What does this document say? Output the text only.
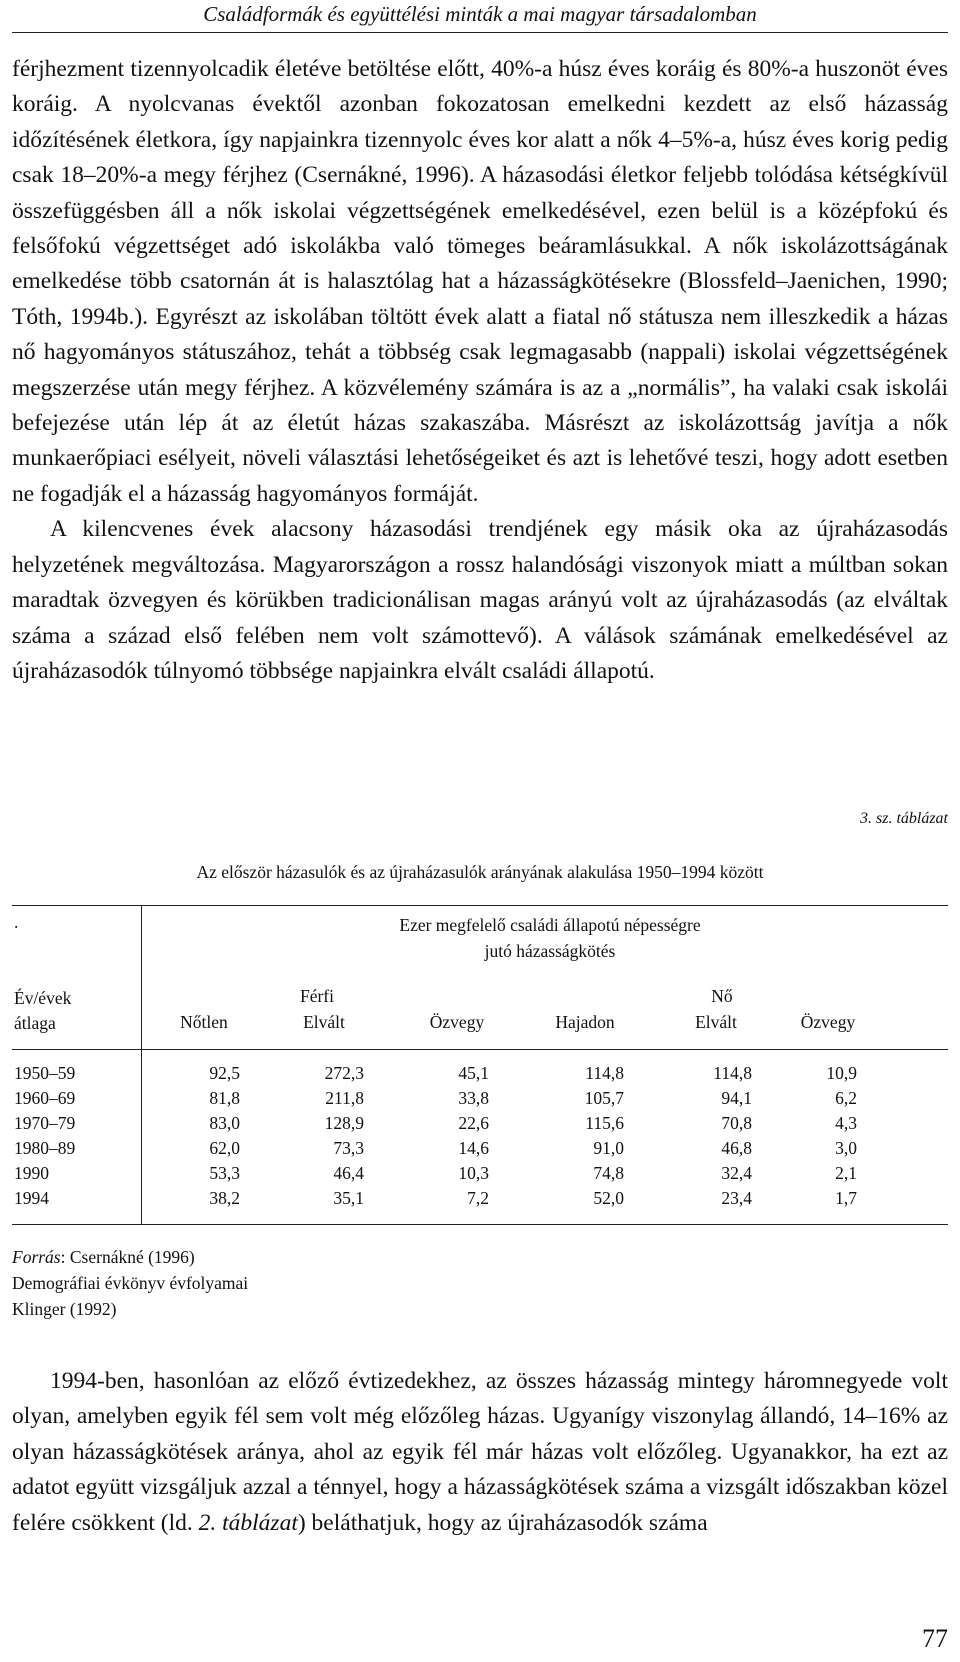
Családformák és együttélési minták a mai magyar társadalomban

férjhezment tizennyolcadik életéve betöltése előtt, 40%-a húsz éves koráig és 80%-a huszonöt éves koráig. A nyolcvanas évektől azonban fokozatosan emelkedni kezdett az első házasság időzítésének életkora, így napjainkra tizennyolc éves kor alatt a nők 4–5%-a, húsz éves korig pedig csak 18–20%-a megy férjhez (Csernákné, 1996). A házasodási életkor feljebb tolódása kétségkívül összefüggésben áll a nők iskolai végzettségének emelkedésével, ezen belül is a középfokú és felsőfokú végzettséget adó iskolákba való tömeges beáramlásukkal. A nők iskolázottságának emelkedése több csatornán át is halasztólag hat a házasságkötésekre (Blossfeld–Jaenichen, 1990; Tóth, 1994b.). Egyrészt az iskolában töltött évek alatt a fiatal nő státusza nem illeszkedik a házas nő hagyományos státuszához, tehát a többség csak legmagasabb (nappali) iskolai végzettségének megszerzése után megy férjhez. A közvélemény számára is az a „normális”, ha valaki csak iskolái befejezése után lép át az életút házas szakaszába. Másrészt az iskolázottság javítja a nők munkaerőpiaci esélyeit, növeli választási lehetőségeiket és azt is lehetővé teszi, hogy adott esetben ne fogadják el a házasság hagyományos formáját.

A kilencvenes évek alacsony házasodási trendjének egy másik oka az újraházasodás helyzetének megváltozása. Magyarországon a rossz halandósági viszonyok miatt a múltban sokan maradtak özvegyen és körükben tradicionálisan magas arányú volt az újraházasodás (az elváltak száma a század első felében nem volt számottevő). A válások számának emelkedésével az újraházasodók túlnyomó többsége napjainkra elvált családi állapotú.

3. sz. táblázat
Az először házasulók és az újraházasulók arányának alakulása 1950–1994 között
.	Ezer megfelelő családi állapotú népességre
jutó házasságkötés
Év/évek
átlaga
Férfi	Nő
Nőtlen	Elvált	Özvegy	Hajadon	Elvált	Özvegy
1950–59	92,5	272,3	45,1	114,8	114,8	10,9
1960–69	81,8	211,8	33,8	105,7	94,1	6,2
1970–79	83,0	128,9	22,6	115,6	70,8	4,3
1980–89	62,0	73,3	14,6	91,0	46,8	3,0
1990	53,3	46,4	10,3	74,8	32,4	2,1
1994	38,2	35,1	7,2	52,0	23,4	1,7
Forrás: Csernákné (1996)
Demográfiai évkönyv évfolyamai
Klinger (1992)

1994-ben, hasonlóan az előző évtizedekhez, az összes házasság mintegy háromnegyede volt olyan, amelyben egyik fél sem volt még előzőleg házas. Ugyanígy viszonylag állandó, 14–16% az olyan házasságkötések aránya, ahol az egyik fél már házas volt előzőleg. Ugyanakkor, ha ezt az adatot együtt vizsgáljuk azzal a ténnyel, hogy a házasságkötések száma a vizsgált időszakban közel felére csökkent (ld. 2. táblázat) beláthatjuk, hogy az újraházasodók száma

77
